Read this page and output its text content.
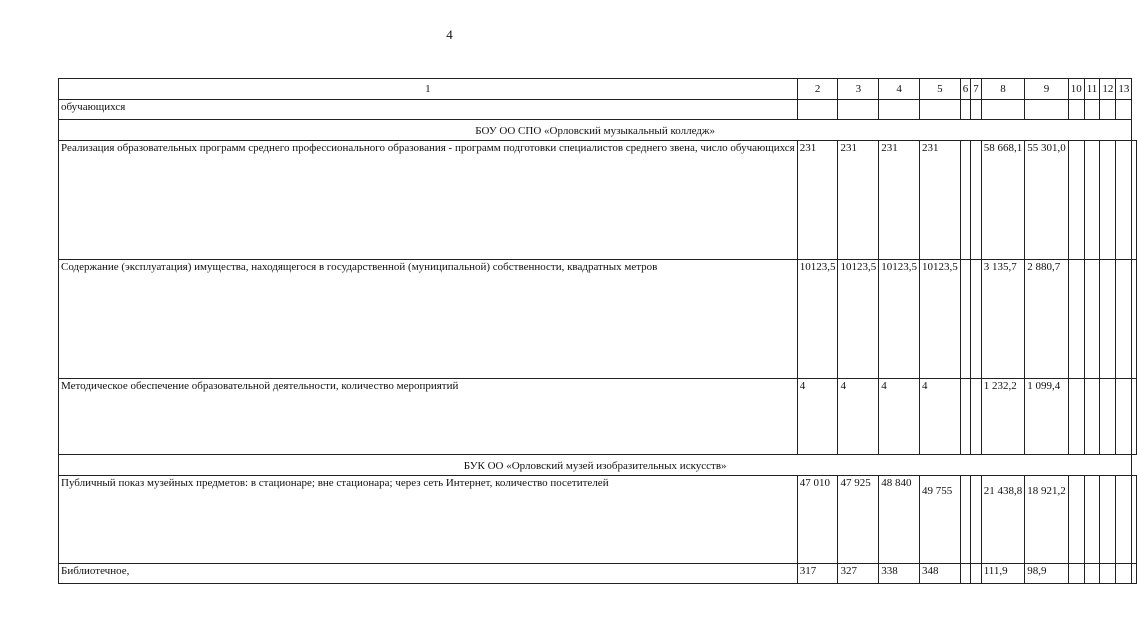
4
1	2	3	4	5	6	7	8	9	10	11	12	13	
обучающихся													
БОУ ОО СПО «Орловский музыкальный колледж»													
Реализация образовательных программ среднего профессионального образования - программ подготовки специалистов среднего звена, число обучающихся	231	231	231	231			58 668,1	55 301,0					
Содержание (эксплуатация) имущества, находящегося в государственной (муниципальной) собственности, квадратных метров	10123,5	10123,5	10123,5	10123,5			3 135,7	2 880,7					
Методическое обеспечение образовательной деятельности, количество мероприятий	4	4	4	4			1 232,2	1 099,4					
БУК ОО «Орловский музей изобразительных искусств»													
Публичный показ музейных предметов: в стационаре; вне стационара; через сеть Интернет, количество посетителей	47 010	47 925	48 840	49 755			21 438,8	18 921,2					
Библиотечное,	317	327	338	348			111,9	98,9					
